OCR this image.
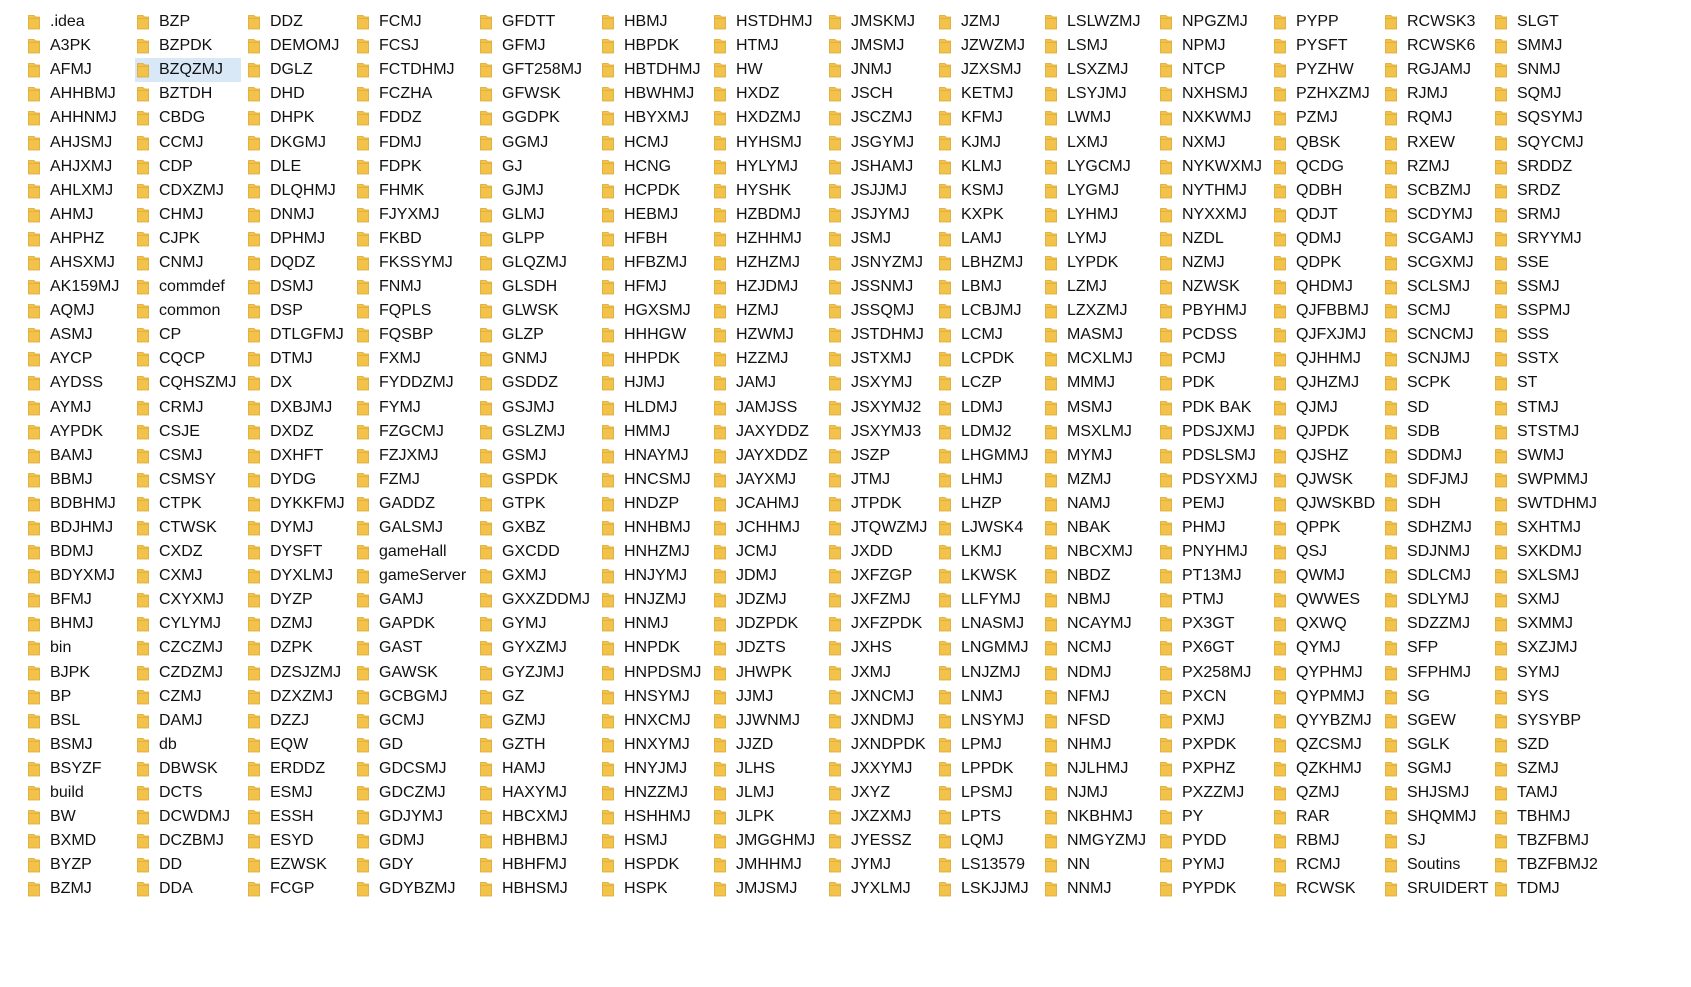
.idea
A3PK
AFMJ
AHHBMJ
AHHNMJ
AHJSMJ
AHJXMJ
AHLXMJ
AHMJ
AHPHZ
AHSXMJ
AK159MJ
AQMJ
ASMJ
AYCP
AYDSS
AYMJ
AYPDK
BAMJ
BBMJ
BDBHMJ
BDJHMJ
BDMJ
BDYXMJ
BFMJ
BHMJ
bin
BJPK
BP
BSL
BSMJ
BSYZF
build
BW
BXMD
BYZP
BZMJ
BZP
BZPDK
BZQZMJ
BZTDH
CBDG
CCMJ
CDP
CDXZMJ
CHMJ
CJPK
CNMJ
commdef
common
CP
CQCP
CQHSZMJ
CRMJ
CSJE
CSMJ
CSMSY
CTPK
CTWSK
CXDZ
CXMJ
CXYXMJ
CYLYMJ
CZCZMJ
CZDZMJ
CZMJ
DAMJ
db
DBWSK
DCTS
DCWDMJ
DCZBMJ
DD
DDA
DDZ
DEMOMJ
DGLZ
DHD
DHPK
DKGMJ
DLE
DLQHMJ
DNMJ
DPHMJ
DQDZ
DSMJ
DSP
DTLGFMJ
DTMJ
DX
DXBJMJ
DXDZ
DXHFT
DYDG
DYKKFMJ
DYMJ
DYSFT
DYXLMJ
DYZP
DZMJ
DZPK
DZSJZMJ
DZXZMJ
DZZJ
EQW
ERDDZ
ESMJ
ESSH
ESYD
EZWSK
FCGP
FCMJ
FCSJ
FCTDHMJ
FCZHA
FDDZ
FDMJ
FDPK
FHMK
FJYXMJ
FKBD
FKSSYMJ
FNMJ
FQPLS
FQSBP
FXMJ
FYDDZMJ
FYMJ
FZGCMJ
FZJXMJ
FZMJ
GADDZ
GALSMJ
gameHall
gameServer
GAMJ
GAPDK
GAST
GAWSK
GCBGMJ
GCMJ
GD
GDCSMJ
GDCZMJ
GDJYMJ
GDMJ
GDY
GDYBZMJ
GFDTT
GFMJ
GFT258MJ
GFWSK
GGDPK
GGMJ
GJ
GJMJ
GLMJ
GLPP
GLQZMJ
GLSDH
GLWSK
GLZP
GNMJ
GSDDZ
GSJMJ
GSLZMJ
GSMJ
GSPDK
GTPK
GXBZ
GXCDD
GXMJ
GXXZDDMJ
GYMJ
GYXZMJ
GYZJMJ
GZ
GZMJ
GZTH
HAMJ
HAXYMJ
HBCXMJ
HBHBMJ
HBHFMJ
HBHSMJ
HBMJ
HBPDK
HBTDHMJ
HBWHMJ
HBYXMJ
HCMJ
HCNG
HCPDK
HEBMJ
HFBH
HFBZMJ
HFMJ
HGXSMJ
HHHGW
HHPDK
HJMJ
HLDMJ
HMMJ
HNAYMJ
HNCSMJ
HNDZP
HNHBMJ
HNHZMJ
HNJYMJ
HNJZMJ
HNMJ
HNPDK
HNPDSMJ
HNSYMJ
HNXCMJ
HNXYMJ
HNYJMJ
HNZZMJ
HSHHMJ
HSMJ
HSPDK
HSPK
HSTDHMJ
HTMJ
HW
HXDZ
HXDZMJ
HYHSMJ
HYLYMJ
HYSHK
HZBDMJ
HZHHMJ
HZHZMJ
HZJDMJ
HZMJ
HZWMJ
HZZMJ
JAMJ
JAMJSS
JAXYDDZ
JAYXDDZ
JAYXMJ
JCAHMJ
JCHHMJ
JCMJ
JDMJ
JDZMJ
JDZPDK
JDZTS
JHWPK
JJMJ
JJWNMJ
JJZD
JLHS
JLMJ
JLPK
JMGGHMJ
JMHHMJ
JMJSMJ
JMSKMJ
JMSMJ
JNMJ
JSCH
JSCZMJ
JSGYMJ
JSHAMJ
JSJJMJ
JSJYMJ
JSMJ
JSNYZMJ
JSSNMJ
JSSQMJ
JSTDHMJ
JSTXMJ
JSXYMJ
JSXYMJ2
JSXYMJ3
JSZP
JTMJ
JTPDK
JTQWZMJ
JXDD
JXFZGP
JXFZMJ
JXFZPDK
JXHS
JXMJ
JXNCMJ
JXNDMJ
JXNDPDK
JXXYMJ
JXYZ
JXZXMJ
JYESSZ
JYMJ
JYXLMJ
JZMJ
JZWZMJ
JZXSMJ
KETMJ
KFMJ
KJMJ
KLMJ
KSMJ
KXPK
LAMJ
LBHZMJ
LBMJ
LCBJMJ
LCMJ
LCPDK
LCZP
LDMJ
LDMJ2
LHGMMJ
LHMJ
LHZP
LJWSK4
LKMJ
LKWSK
LLFYMJ
LNASMJ
LNGMMJ
LNJZMJ
LNMJ
LNSYMJ
LPMJ
LPPDK
LPSMJ
LPTS
LQMJ
LS13579
LSKJJMJ
LSLWZMJ
LSMJ
LSXZMJ
LSYJMJ
LWMJ
LXMJ
LYGCMJ
LYGMJ
LYHMJ
LYMJ
LYPDK
LZMJ
LZXZMJ
MASMJ
MCXLMJ
MMMJ
MSMJ
MSXLMJ
MYMJ
MZMJ
NAMJ
NBAK
NBCXMJ
NBDZ
NBMJ
NCAYMJ
NCMJ
NDMJ
NFMJ
NFSD
NHMJ
NJLHMJ
NJMJ
NKBHMJ
NMGYZMJ
NN
NNMJ
NPGZMJ
NPMJ
NTCP
NXHSMJ
NXKWMJ
NXMJ
NYKWXMJ
NYTHMJ
NYXXMJ
NZDL
NZMJ
NZWSK
PBYHMJ
PCDSS
PCMJ
PDK
PDK BAK
PDSJXMJ
PDSLSMJ
PDSYXMJ
PEMJ
PHMJ
PNYHMJ
PT13MJ
PTMJ
PX3GT
PX6GT
PX258MJ
PXCN
PXMJ
PXPDK
PXPHZ
PXZZMJ
PY
PYDD
PYMJ
PYPDK
PYPP
PYSFT
PYZHW
PZHXZMJ
PZMJ
QBSK
QCDG
QDBH
QDJT
QDMJ
QDPK
QHDMJ
QJFBBMJ
QJFXJMJ
QJHHMJ
QJHZMJ
QJMJ
QJPDK
QJSHZ
QJWSK
QJWSKBD
QPPK
QSJ
QWMJ
QWWES
QXWQ
QYMJ
QYPHMJ
QYPMMJ
QYYBZMJ
QZCSMJ
QZKHMJ
QZMJ
RAR
RBMJ
RCMJ
RCWSK
RCWSK3
RCWSK6
RGJAMJ
RJMJ
RQMJ
RXEW
RZMJ
SCBZMJ
SCDYMJ
SCGAMJ
SCGXMJ
SCLSMJ
SCMJ
SCNCMJ
SCNJMJ
SCPK
SD
SDB
SDDMJ
SDFJMJ
SDH
SDHZMJ
SDJNMJ
SDLCMJ
SDLYMJ
SDZZMJ
SFP
SFPHMJ
SG
SGEW
SGLK
SGMJ
SHJSMJ
SHQMMJ
SJ
Soutins
SRUIDERT
SLGT
SMMJ
SNMJ
SQMJ
SQSYMJ
SQYCMJ
SRDDZ
SRDZ
SRMJ
SRYYMJ
SSE
SSMJ
SSPMJ
SSS
SSTX
ST
STMJ
STSTMJ
SWMJ
SWPMMJ
SWTDHMJ
SXHTMJ
SXKDMJ
SXLSMJ
SXMJ
SXMMJ
SXZJMJ
SYMJ
SYS
SYSYBP
SZD
SZMJ
TAMJ
TBHMJ
TBZFBMJ
TBZFBMJ2
TDMJ
